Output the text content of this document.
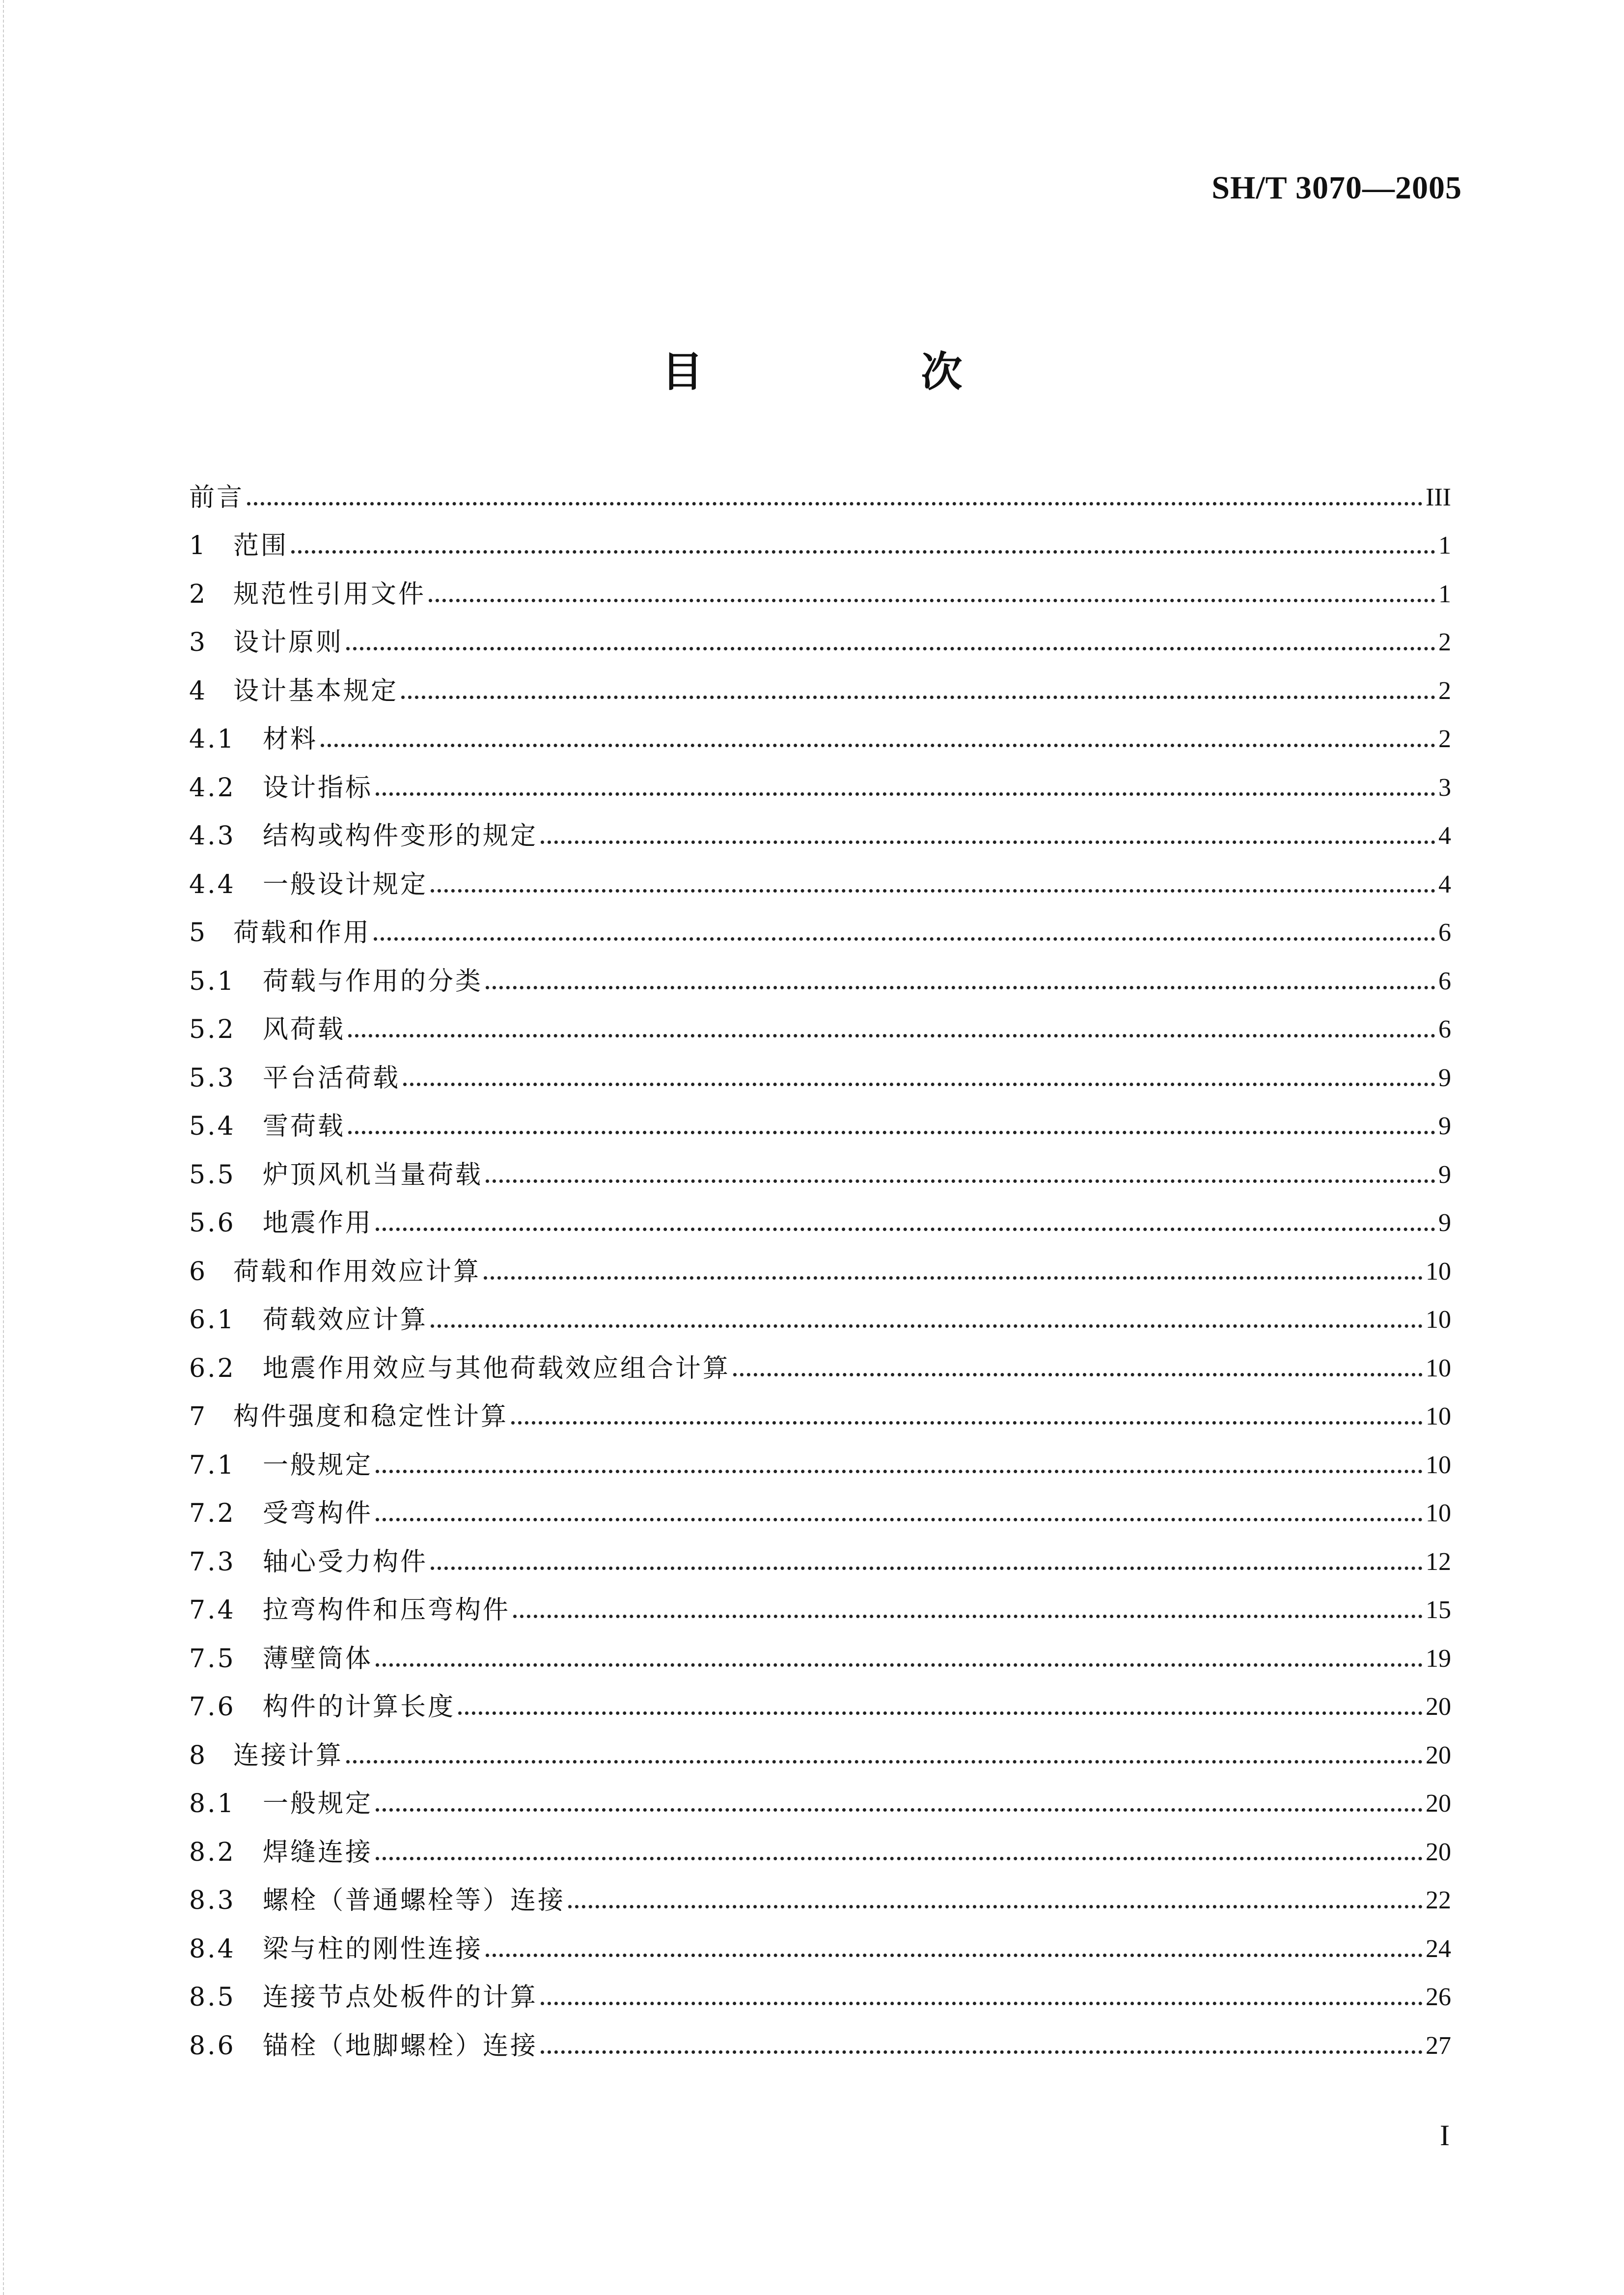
SH/T 3070—2005
目　次
前言	III
1	范围	1
2	规范性引用文件	1
3	设计原则	2
4	设计基本规定	2
4.1	材料	2
4.2	设计指标	3
4.3	结构或构件变形的规定	4
4.4	一般设计规定	4
5	荷载和作用	6
5.1	荷载与作用的分类	6
5.2	风荷载	6
5.3	平台活荷载	9
5.4	雪荷载	9
5.5	炉顶风机当量荷载	9
5.6	地震作用	9
6	荷载和作用效应计算	10
6.1	荷载效应计算	10
6.2	地震作用效应与其他荷载效应组合计算	10
7	构件强度和稳定性计算	10
7.1	一般规定	10
7.2	受弯构件	10
7.3	轴心受力构件	12
7.4	拉弯构件和压弯构件	15
7.5	薄壁筒体	19
7.6	构件的计算长度	20
8	连接计算	20
8.1	一般规定	20
8.2	焊缝连接	20
8.3	螺栓（普通螺栓等）连接	22
8.4	梁与柱的刚性连接	24
8.5	连接节点处板件的计算	26
8.6	锚栓（地脚螺栓）连接	27
I
